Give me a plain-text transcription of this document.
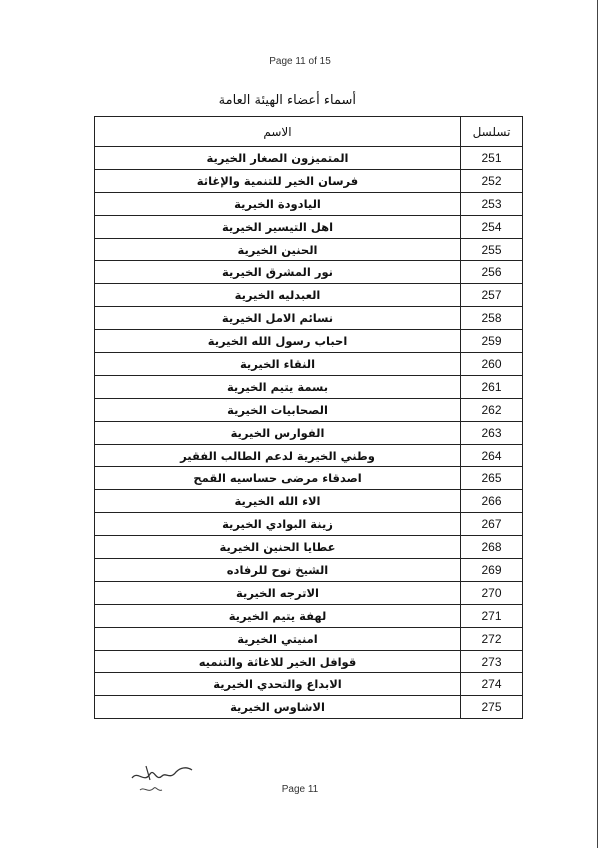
Page 11 of 15
أسماء أعضاء الهيئة العامة
تسلسل	الاسم
251	المتميزون الصغار الخيرية
252	فرسان الخير للتنمية والإغاثة
253	اليادودة الخيرية
254	اهل التيسير الخيرية
255	الحنين الخيرية
256	نور المشرق الخيرية
257	العبدليه الخيرية
258	نسائم الامل الخيرية
259	احباب رسول الله الخيرية
260	النقاء الخيرية
261	بسمة يتيم الخيرية
262	الصحابيات الخيرية
263	الفوارس الخيرية
264	وطني الخيرية لدعم الطالب الفقير
265	اصدقاء مرضى حساسيه القمح
266	الاء الله الخيرية
267	زينة البوادي الخيرية
268	عطايا الحنين الخيرية
269	الشيخ نوح للرفاده
270	الاترجه الخيرية
271	لهفة يتيم الخيرية
272	امنيتي الخيرية
273	قوافل الخير للاغاثة والتنميه
274	الابداع والتحدي الخيرية
275	الاشاوس الخيرية
Page 11
